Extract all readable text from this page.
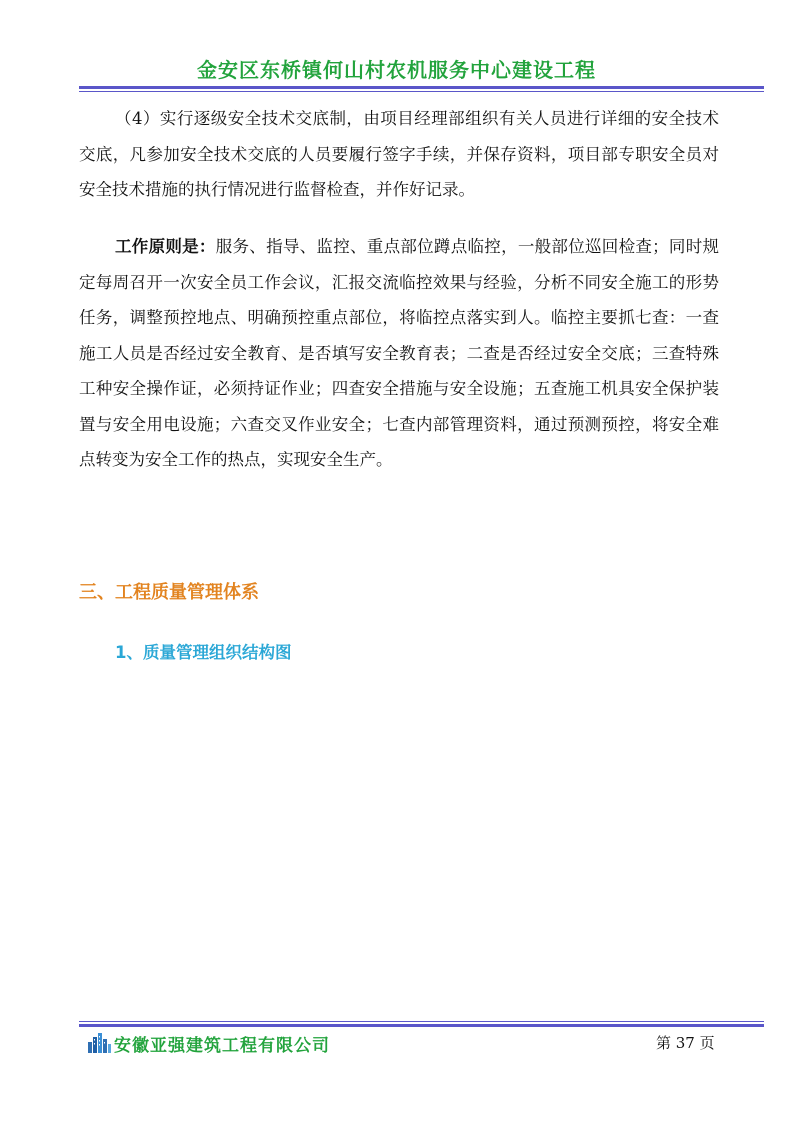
金安区东桥镇何山村农机服务中心建设工程
（4）实行逐级安全技术交底制，由项目经理部组织有关人员进行详细的安全技术交底，凡参加安全技术交底的人员要履行签字手续，并保存资料，项目部专职安全员对安全技术措施的执行情况进行监督检查，并作好记录。
工作原则是：服务、指导、监控、重点部位蹲点临控，一般部位巡回检查；同时规定每周召开一次安全员工作会议，汇报交流临控效果与经验，分析不同安全施工的形势任务，调整预控地点、明确预控重点部位，将临控点落实到人。临控主要抓七查：一查施工人员是否经过安全教育、是否填写安全教育表；二查是否经过安全交底；三查特殊工种安全操作证，必须持证作业；四查安全措施与安全设施；五查施工机具安全保护装置与安全用电设施；六查交叉作业安全；七查内部管理资料，通过预测预控，将安全难点转变为安全工作的热点，实现安全生产。
三、工程质量管理体系
1、质量管理组织结构图
安徽亚强建筑工程有限公司	第 37 页
